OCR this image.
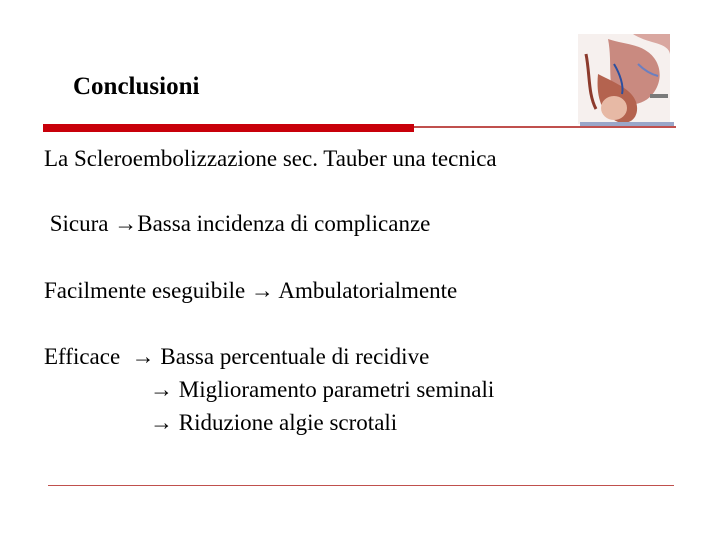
Conclusioni
La Scleroembolizzazione sec. Tauber una tecnica
Sicura →Bassa incidenza di complicanze
Facilmente eseguibile → Ambulatorialmente
Efficace  → Bassa percentuale di recidive
→ Miglioramento parametri seminali
→ Riduzione algie scrotali
